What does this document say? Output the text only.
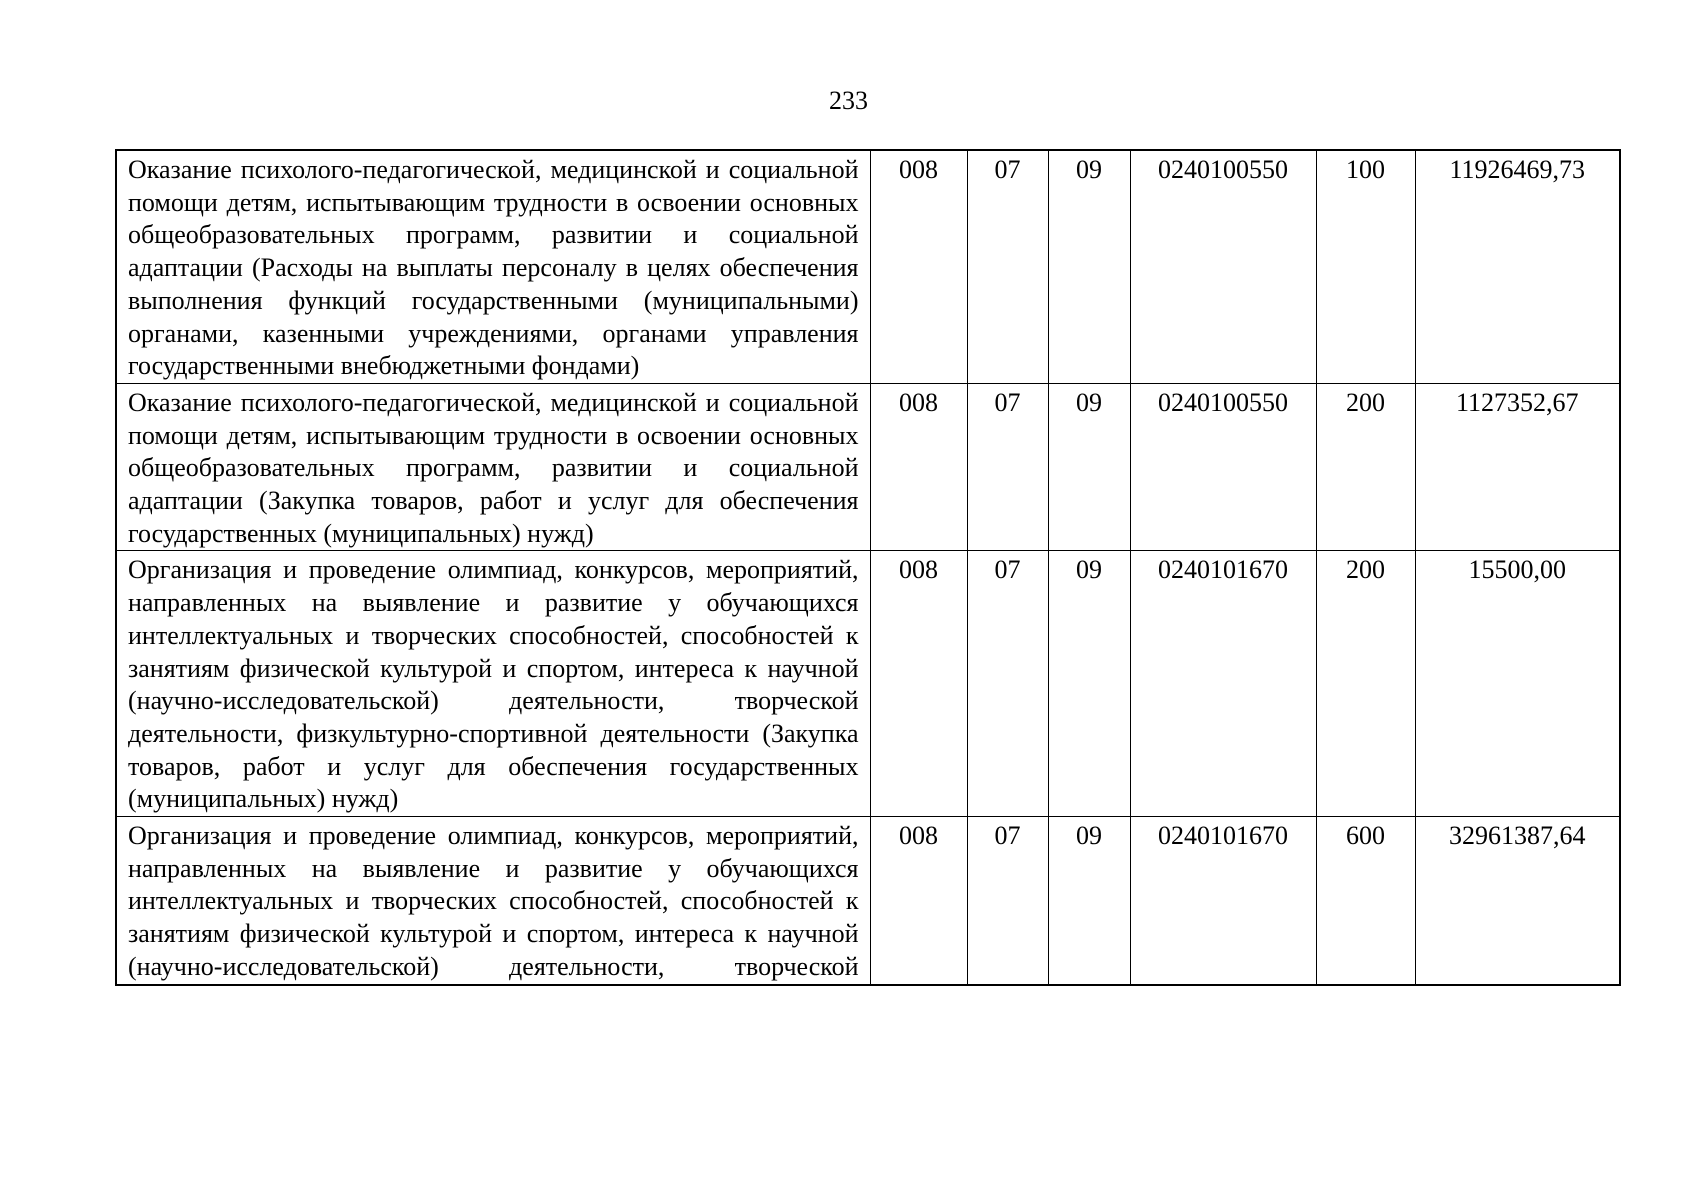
233
Оказание психолого-педагогической, медицинской и социальной помощи детям, испытывающим трудности в освоении основных общеобразовательных программ, развитии и социальной адаптации (Расходы на выплаты персоналу в целях обеспечения выполнения функций государственными (муниципальными) органами, казенными учреждениями, органами управления государственными внебюджетными фондами)	008	07	09	0240100550	100	11926469,73
Оказание психолого-педагогической, медицинской и социальной помощи детям, испытывающим трудности в освоении основных общеобразовательных программ, развитии и социальной адаптации (Закупка товаров, работ и услуг для обеспечения государственных (муниципальных) нужд)	008	07	09	0240100550	200	1127352,67
Организация и проведение олимпиад, конкурсов, мероприятий, направленных на выявление и развитие у обучающихся интеллектуальных и творческих способностей, способностей к занятиям физической культурой и спортом, интереса к научной (научно-исследовательской) деятельности, творческой деятельности, физкультурно-спортивной деятельности (Закупка товаров, работ и услуг для обеспечения государственных (муниципальных) нужд)	008	07	09	0240101670	200	15500,00
Организация и проведение олимпиад, конкурсов, мероприятий, направленных на выявление и развитие у обучающихся интеллектуальных и творческих способностей, способностей к занятиям физической культурой и спортом, интереса к научной (научно-исследовательской) деятельности, творческой	008	07	09	0240101670	600	32961387,64
